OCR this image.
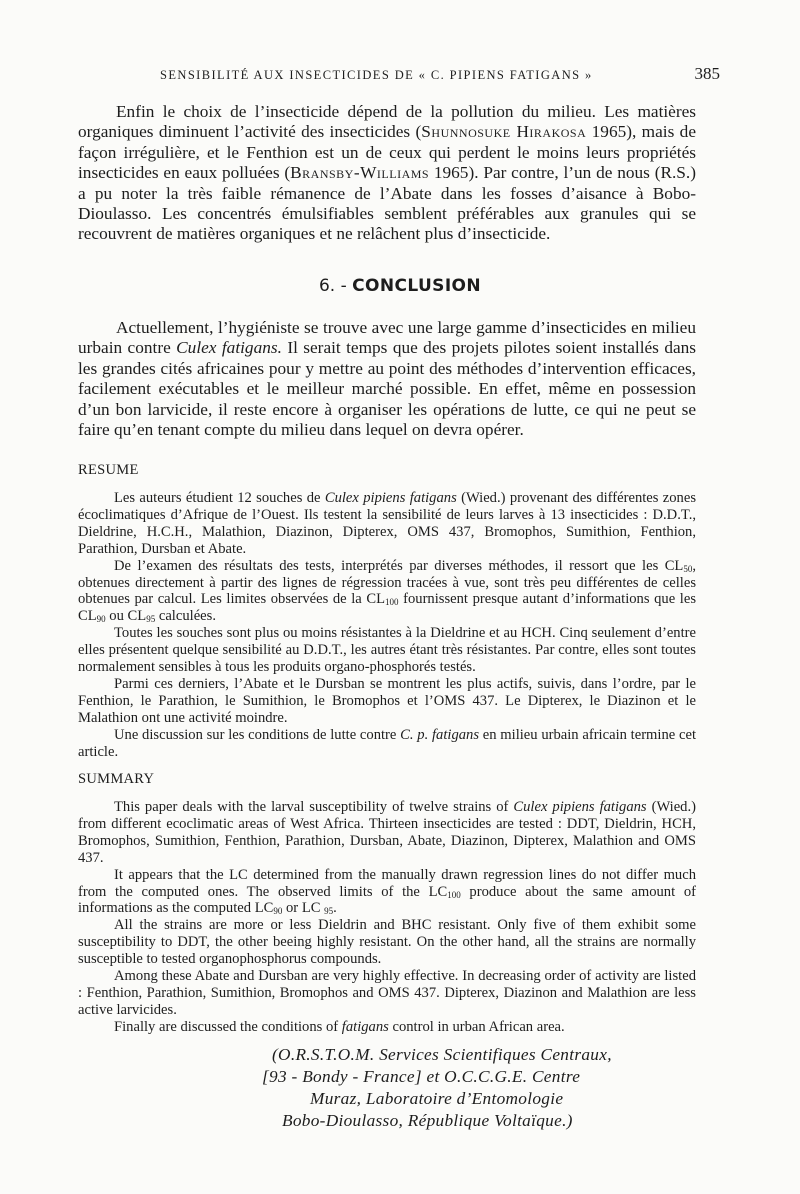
SENSIBILITÉ AUX INSECTICIDES DE « C. PIPIENS FATIGANS »	385

Enfin le choix de l’insecticide dépend de la pollution du milieu. Les matières organiques diminuent l’activité des insecticides (Shunnosuke Hirakosa 1965), mais de façon irrégulière, et le Fenthion est un de ceux qui perdent le moins leurs propriétés insecticides en eaux polluées (Bransby-Williams 1965). Par contre, l’un de nous (R.S.) a pu noter la très faible rémanence de l’Abate dans les fosses d’aisance à Bobo-Dioulasso. Les concentrés émulsifiables semblent préférables aux granules qui se recouvrent de matières organiques et ne relâchent plus d’insecticide.

6. - CONCLUSION

Actuellement, l’hygiéniste se trouve avec une large gamme d’insecticides en milieu urbain contre Culex fatigans. Il serait temps que des projets pilotes soient installés dans les grandes cités africaines pour y mettre au point des méthodes d’intervention efficaces, facilement exécutables et le meilleur marché possible. En effet, même en possession d’un bon larvicide, il reste encore à organiser les opérations de lutte, ce qui ne peut se faire qu’en tenant compte du milieu dans lequel on devra opérer.

RESUME

Les auteurs étudient 12 souches de Culex pipiens fatigans (Wied.) provenant des différentes zones écoclimatiques d’Afrique de l’Ouest. Ils testent la sensibilité de leurs larves à 13 insecticides : D.D.T., Dieldrine, H.C.H., Malathion, Diazinon, Dipterex, OMS 437, Bromophos, Sumithion, Fenthion, Parathion, Dursban et Abate.

De l’examen des résultats des tests, interprétés par diverses méthodes, il ressort que les $CL_{50}$, obtenues directement à partir des lignes de régression tracées à vue, sont très peu différentes de celles obtenues par calcul. Les limites observées de la $CL_{100}$ fournissent presque autant d’informations que les $CL_{90}$ ou $CL_{95}$ calculées.

Toutes les souches sont plus ou moins résistantes à la Dieldrine et au HCH. Cinq seulement d’entre elles présentent quelque sensibilité au D.D.T., les autres étant très résistantes. Par contre, elles sont toutes normalement sensibles à tous les produits organo-phosphorés testés.

Parmi ces derniers, l’Abate et le Dursban se montrent les plus actifs, suivis, dans l’ordre, par le Fenthion, le Parathion, le Sumithion, le Bromophos et l’OMS 437. Le Dipterex, le Diazinon et le Malathion ont une activité moindre.

Une discussion sur les conditions de lutte contre C. p. fatigans en milieu urbain africain termine cet article.

SUMMARY

This paper deals with the larval susceptibility of twelve strains of Culex pipiens fatigans (Wied.) from different ecoclimatic areas of West Africa. Thirteen insecticides are tested : DDT, Dieldrin, HCH, Bromophos, Sumithion, Fenthion, Parathion, Dursban, Abate, Diazinon, Dipterex, Malathion and OMS 437.

It appears that the LC determined from the manually drawn regression lines do not differ much from the computed ones. The observed limits of the $LC_{100}$ produce about the same amount of informations as the computed $LC_{90}$ or LC $_{95}$.

All the strains are more or less Dieldrin and BHC resistant. Only five of them exhibit some susceptibility to DDT, the other beeing highly resistant. On the other hand, all the strains are normally susceptible to tested organophosphorus compounds.

Among these Abate and Dursban are very highly effective. In decreasing order of activity are listed : Fenthion, Parathion, Sumithion, Bromophos and OMS 437. Dipterex, Diazinon and Malathion are less active larvicides.

Finally are discussed the conditions of fatigans control in urban African area.

(O.R.S.T.O.M. Services Scientifiques Centraux,
[93 - Bondy - France] et O.C.C.G.E. Centre
Muraz, Laboratoire d’Entomologie
Bobo-Dioulasso, République Voltaïque.)
